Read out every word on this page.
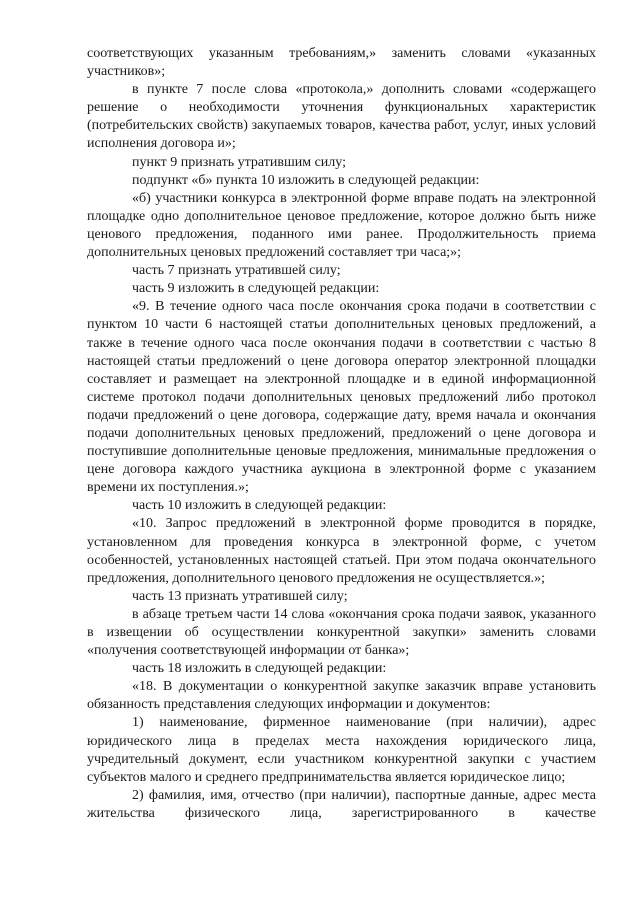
соответствующих указанным требованиям,» заменить словами «указанных участников»;

в пункте 7 после слова «протокола,» дополнить словами «содержащего решение о необходимости уточнения функциональных характеристик (потребительских свойств) закупаемых товаров, качества работ, услуг, иных условий исполнения договора и»;

пункт 9 признать утратившим силу;

подпункт «б» пункта 10 изложить в следующей редакции:

«б) участники конкурса в электронной форме вправе подать на электронной площадке одно дополнительное ценовое предложение, которое должно быть ниже ценового предложения, поданного ими ранее. Продолжительность приема дополнительных ценовых предложений составляет три часа;»;

часть 7 признать утратившей силу;

часть 9 изложить в следующей редакции:

«9. В течение одного часа после окончания срока подачи в соответствии с пунктом 10 части 6 настоящей статьи дополнительных ценовых предложений, а также в течение одного часа после окончания подачи в соответствии с частью 8 настоящей статьи предложений о цене договора оператор электронной площадки составляет и размещает на электронной площадке и в единой информационной системе протокол подачи дополнительных ценовых предложений либо протокол подачи предложений о цене договора, содержащие дату, время начала и окончания подачи дополнительных ценовых предложений, предложений о цене договора и поступившие дополнительные ценовые предложения, минимальные предложения о цене договора каждого участника аукциона в электронной форме с указанием времени их поступления.»;

часть 10 изложить в следующей редакции:

«10. Запрос предложений в электронной форме проводится в порядке, установленном для проведения конкурса в электронной форме, с учетом особенностей, установленных настоящей статьей. При этом подача окончательного предложения, дополнительного ценового предложения не осуществляется.»;

часть 13 признать утратившей силу;

в абзаце третьем части 14 слова «окончания срока подачи заявок, указанного в извещении об осуществлении конкурентной закупки» заменить словами «получения соответствующей информации от банка»;

часть 18 изложить в следующей редакции:

«18. В документации о конкурентной закупке заказчик вправе установить обязанность представления следующих информации и документов:

1) наименование, фирменное наименование (при наличии), адрес юридического лица в пределах места нахождения юридического лица, учредительный документ, если участником конкурентной закупки с участием субъектов малого и среднего предпринимательства является юридическое лицо;

2) фамилия, имя, отчество (при наличии), паспортные данные, адрес места жительства физического лица, зарегистрированного в качестве
